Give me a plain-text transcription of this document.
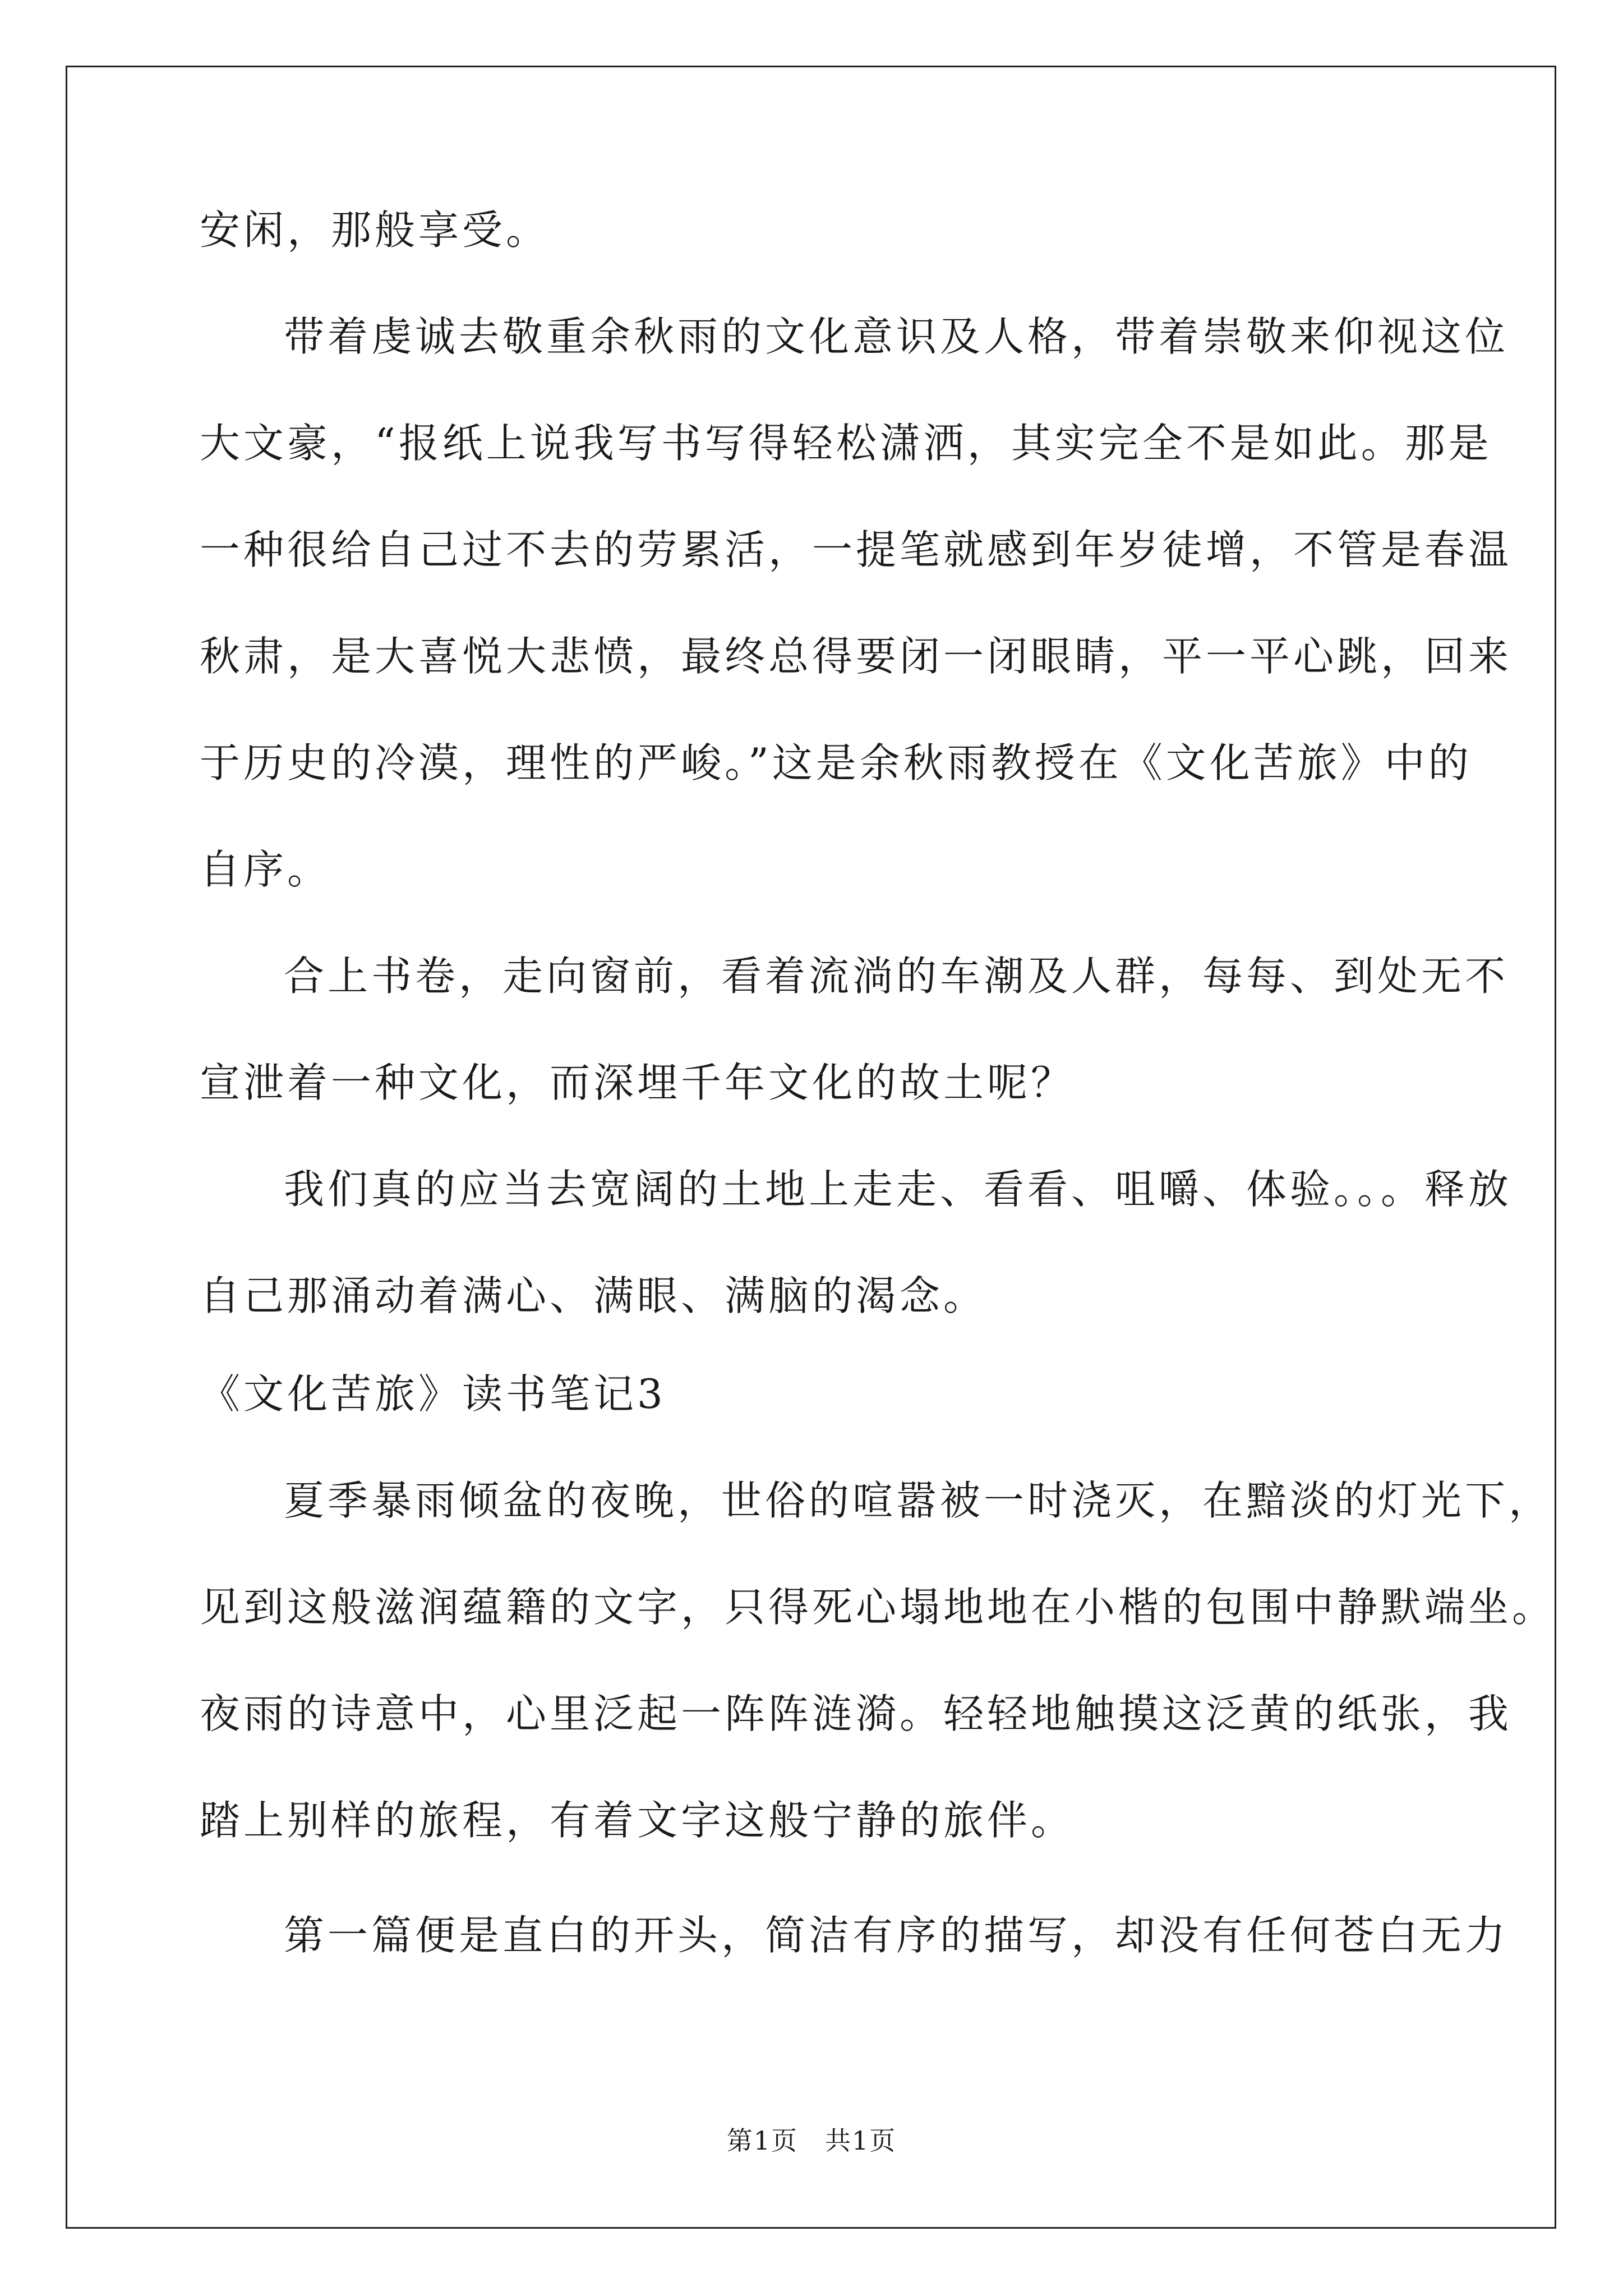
安闲，那般享受。
带着虔诚去敬重余秋雨的文化意识及人格，带着崇敬来仰视这位
大文豪，“报纸上说我写书写得轻松潇洒，其实完全不是如此。那是
一种很给自己过不去的劳累活，一提笔就感到年岁徒增，不管是春温
秋肃，是大喜悦大悲愤，最终总得要闭一闭眼睛，平一平心跳，回来
于历史的冷漠，理性的严峻。”这是余秋雨教授在《文化苦旅》中的
自序。
合上书卷，走向窗前，看着流淌的车潮及人群，每每、到处无不
宣泄着一种文化，而深埋千年文化的故土呢？
我们真的应当去宽阔的土地上走走、看看、咀嚼、体验。。。释放
自己那涌动着满心、满眼、满脑的渴念。
《文化苦旅》读书笔记3
夏季暴雨倾盆的夜晚，世俗的喧嚣被一时浇灭，在黯淡的灯光下，
见到这般滋润蕴籍的文字，只得死心塌地地在小楷的包围中静默端坐。
夜雨的诗意中，心里泛起一阵阵涟漪。轻轻地触摸这泛黄的纸张，我
踏上别样的旅程，有着文字这般宁静的旅伴。
第一篇便是直白的开头，简洁有序的描写，却没有任何苍白无力
第1页　共1页
